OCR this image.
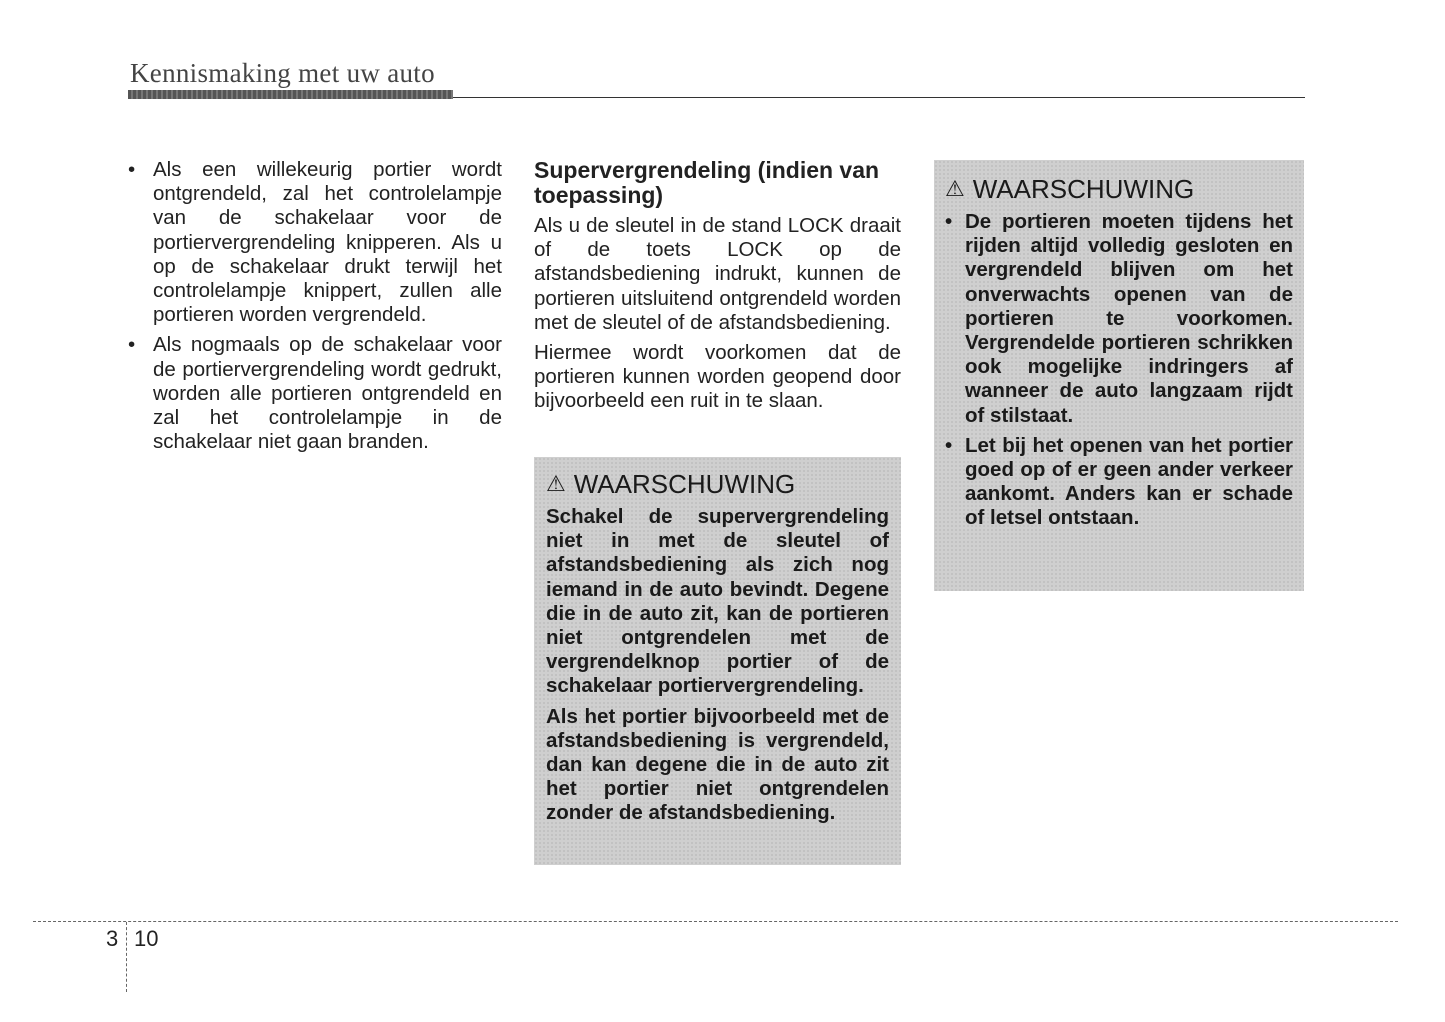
Kennismaking met uw auto
• Als een willekeurig portier wordt ontgrendeld, zal het controlelampje van de schakelaar voor de portiervergrendeling knipperen. Als u op de schakelaar drukt terwijl het controlelampje knippert, zullen alle portieren worden vergrendeld.
• Als nogmaals op de schakelaar voor de portiervergrendeling wordt gedrukt, worden alle portieren ontgrendeld en zal het controlelampje in de schakelaar niet gaan branden.
Supervergrendeling (indien van toepassing)

Als u de sleutel in de stand LOCK draait of de toets LOCK op de afstandsbediening indrukt, kunnen de portieren uitsluitend ontgrendeld worden met de sleutel of de afstandsbediening.

Hiermee wordt voorkomen dat de portieren kunnen worden geopend door bijvoorbeeld een ruit in te slaan.

⚠ WAARSCHUWING

Schakel de supervergrendeling niet in met de sleutel of afstandsbediening als zich nog iemand in de auto bevindt. Degene die in de auto zit, kan de portieren niet ontgrendelen met de vergrendelknop portier of de schakelaar portiervergrendeling.

Als het portier bijvoorbeeld met de afstandsbediening is vergrendeld, dan kan degene die in de auto zit het portier niet ontgrendelen zonder de afstandsbediening.

⚠ WAARSCHUWING
• De portieren moeten tijdens het rijden altijd volledig gesloten en vergrendeld blijven om het onverwachts openen van de portieren te voorkomen. Vergrendelde portieren schrikken ook mogelijke indringers af wanneer de auto langzaam rijdt of stilstaat.
• Let bij het openen van het portier goed op of er geen ander verkeer aankomt. Anders kan er schade of letsel ontstaan.
3 10
